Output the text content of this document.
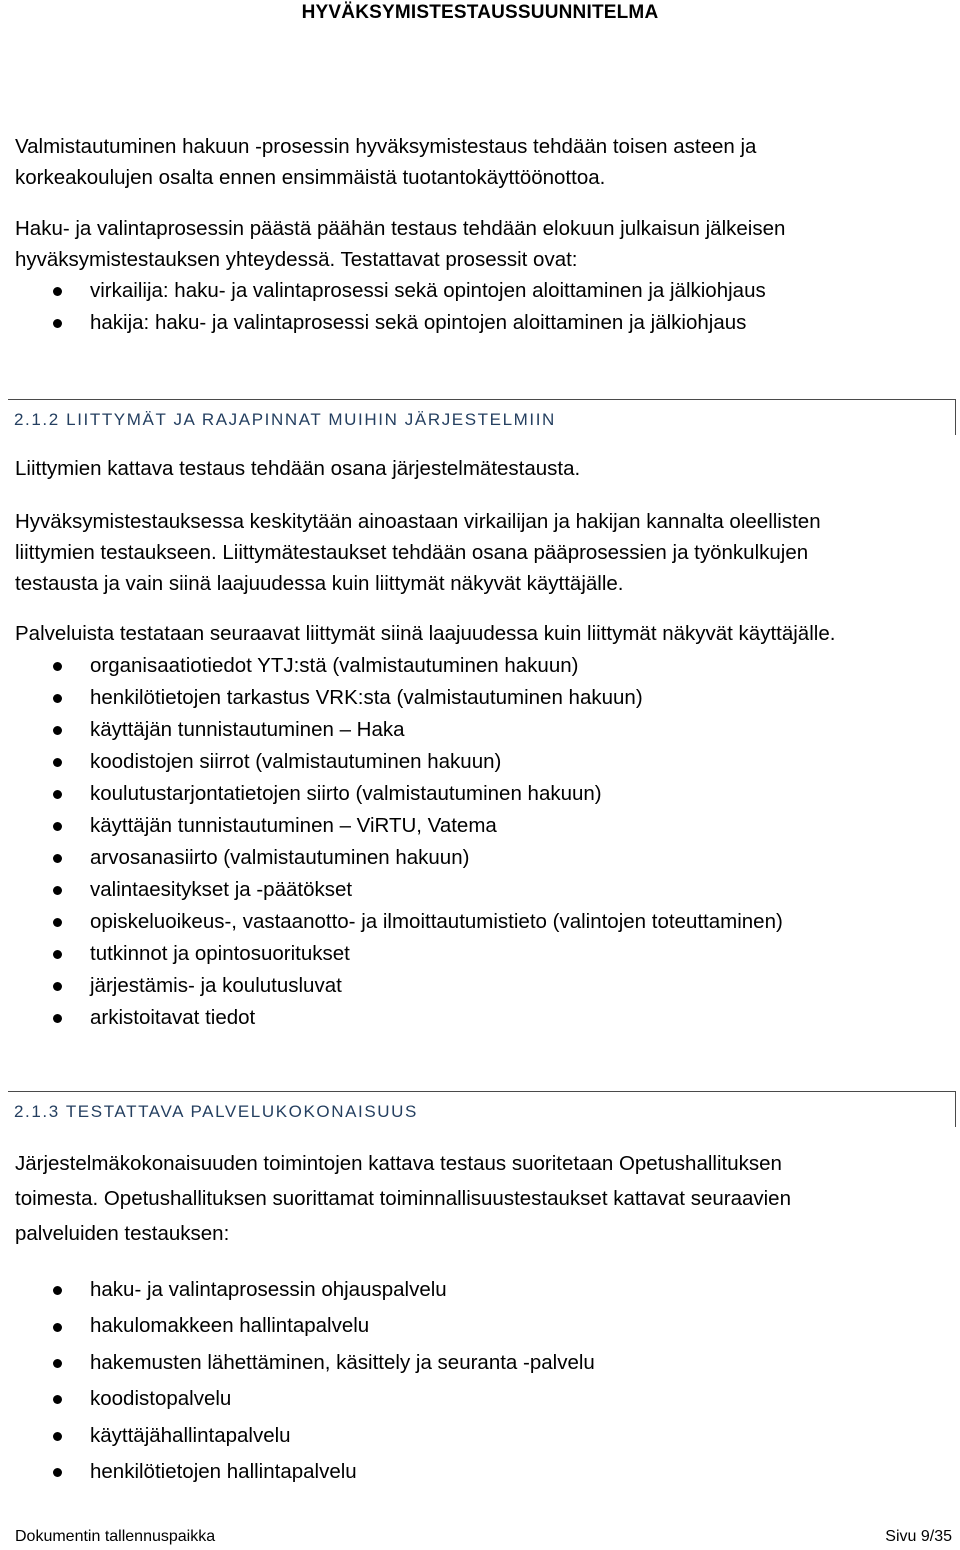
HYVÄKSYMISTESTAUSSUUNNITELMA
Valmistautuminen hakuun -prosessin hyväksymistestaus tehdään toisen asteen ja
korkeakoulujen osalta ennen ensimmäistä tuotantokäyttöönottoa.
Haku- ja valintaprosessin päästä päähän testaus tehdään elokuun julkaisun jälkeisen
hyväksymistestauksen yhteydessä. Testattavat prosessit ovat:
virkailija: haku- ja valintaprosessi sekä opintojen aloittaminen ja jälkiohjaus
hakija: haku- ja valintaprosessi sekä opintojen aloittaminen ja jälkiohjaus
2.1.2 LIITTYMÄT JA RAJAPINNAT MUIHIN JÄRJESTELMIIN
Liittymien kattava testaus tehdään osana järjestelmätestausta.
Hyväksymistestauksessa keskitytään ainoastaan virkailijan ja hakijan kannalta oleellisten
liittymien testaukseen. Liittymätestaukset tehdään osana pääprosessien ja työnkulkujen
testausta ja vain siinä laajuudessa kuin liittymät näkyvät käyttäjälle.
Palveluista testataan seuraavat liittymät siinä laajuudessa kuin liittymät näkyvät käyttäjälle.
organisaatiotiedot YTJ:stä (valmistautuminen hakuun)
henkilötietojen tarkastus VRK:sta (valmistautuminen hakuun)
käyttäjän tunnistautuminen – Haka
koodistojen siirrot (valmistautuminen hakuun)
koulutustarjontatietojen siirto (valmistautuminen hakuun)
käyttäjän tunnistautuminen – ViRTU, Vatema
arvosanasiirto (valmistautuminen hakuun)
valintaesitykset ja -päätökset
opiskeluoikeus-, vastaanotto- ja ilmoittautumistieto (valintojen toteuttaminen)
tutkinnot ja opintosuoritukset
järjestämis- ja koulutusluvat
arkistoitavat tiedot
2.1.3 TESTATTAVA PALVELUKOKONAISUUS
Järjestelmäkokonaisuuden toimintojen kattava testaus suoritetaan Opetushallituksen
toimesta. Opetushallituksen suorittamat toiminnallisuustestaukset kattavat seuraavien
palveluiden testauksen:
haku- ja valintaprosessin ohjauspalvelu
hakulomakkeen hallintapalvelu
hakemusten lähettäminen, käsittely ja seuranta -palvelu
koodistopalvelu
käyttäjähallintapalvelu
henkilötietojen hallintapalvelu
Dokumentin tallennuspaikka	Sivu 9/35
